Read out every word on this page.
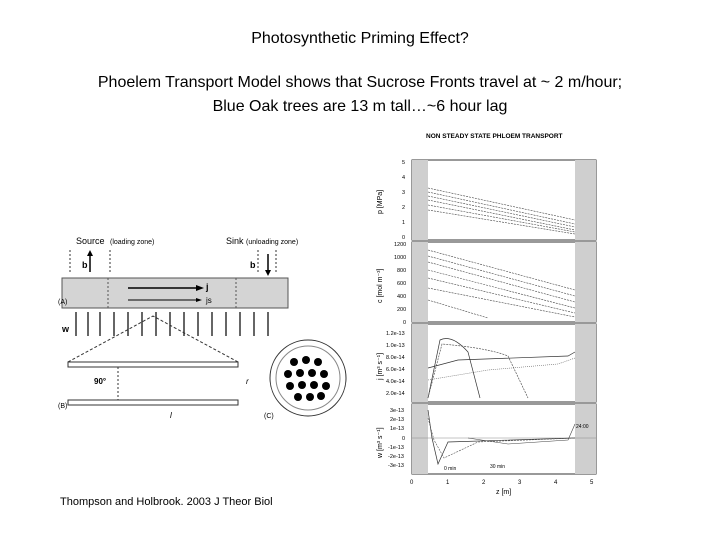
Photosynthetic Priming Effect?
Phoelem Transport Model shows that Sucrose Fronts travel at ~ 2 m/hour;
Blue Oak trees are 13 m tall…~6 hour lag
Source (loading zone)	Sink (unloading zone)
b	b
j
js
(A)
w
90°
(B)
l
r
(C)
NON STEADY STATE PHLOEM TRANSPORT
p [MPa]
5
4
3
2
1
0
c [mol m⁻³]
1200
1000
800
600
400
200
0
j [m³ s⁻¹]
1.2e-13
1.0e-13
8.0e-14
6.0e-14
4.0e-14
2.0e-14
w [m³ s⁻¹]
3e-13
2e-13
1e-13
0
-1e-13
-2e-13
-3e-13	0 min	30 min
24:00
0	1	2	3	4	5
z [m]
Thompson and Holbrook. 2003 J Theor Biol
